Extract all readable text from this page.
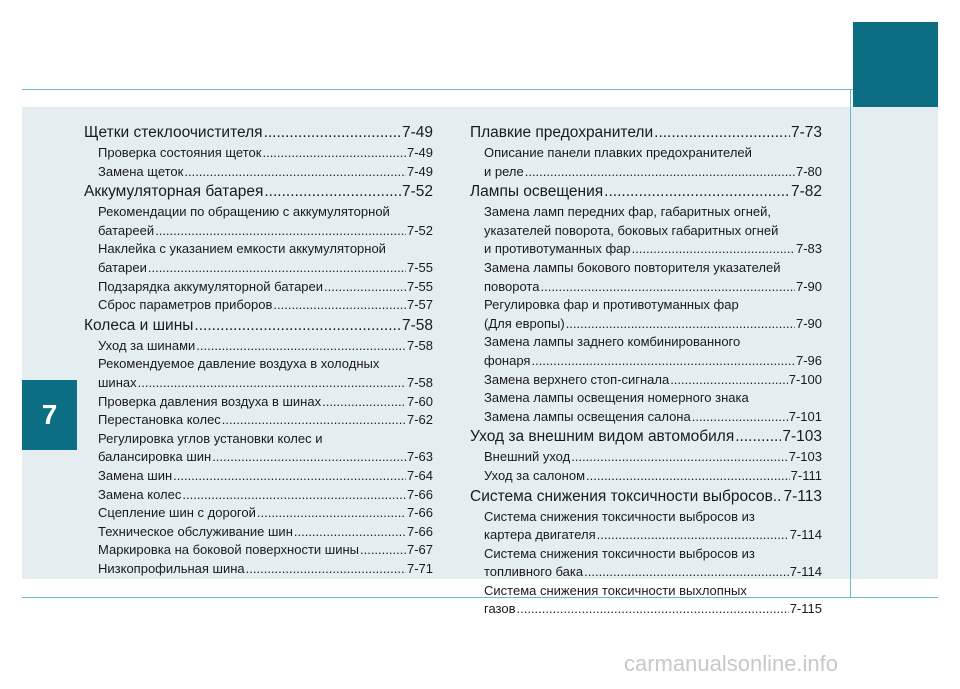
7
Щетки стеклоочистителя .....	7-49
Проверка состояния щеток .....	7-49
Замена щеток .....	7-49
Аккумуляторная батарея .....	7-52
Рекомендации по обращению с аккумуляторной
батареей .....	7-52
Наклейка с указанием емкости аккумуляторной
батареи .....	7-55
Подзарядка аккумуляторной батареи .....	7-55
Сброс параметров приборов .....	7-57
Колеса и шины .....	7-58
Уход за шинами .....	7-58
Рекомендуемое давление воздуха в холодных
шинах .....	7-58
Проверка давления воздуха в шинах .....	7-60
Перестановка колес .....	7-62
Регулировка углов установки колес и
балансировка шин .....	7-63
Замена шин .....	7-64
Замена колес .....	7-66
Сцепление шин с дорогой .....	7-66
Техническое обслуживание шин .....	7-66
Маркировка на боковой поверхности шины .....	7-67
Низкопрофильная шина .....	7-71
Плавкие предохранители .....	7-73
Описание панели плавких предохранителей
и реле .....	7-80
Лампы освещения .....	7-82
Замена ламп передних фар, габаритных огней,
указателей поворота, боковых габаритных огней
и противотуманных фар .....	7-83
Замена лампы бокового повторителя указателей
поворота .....	7-90
Регулировка фар и противотуманных фар
(Для европы) .....	7-90
Замена лампы заднего комбинированного
фонаря .....	7-96
Замена верхнего стоп-сигнала .....	7-100
Замена лампы освещения номерного знака
Замена лампы освещения салона .....	7-101
Уход за внешним видом автомобиля .....	7-103
Внешний уход .....	7-103
Уход за салоном .....	7-111
Система снижения токсичности выбросов.. ..... 7-113
Система снижения токсичности выбросов из
картера двигателя .....	7-114
Система снижения токсичности выбросов из
топливного бака .....	7-114
Система снижения токсичности выхлопных
газов .....	7-115
carmanualsonline.info
